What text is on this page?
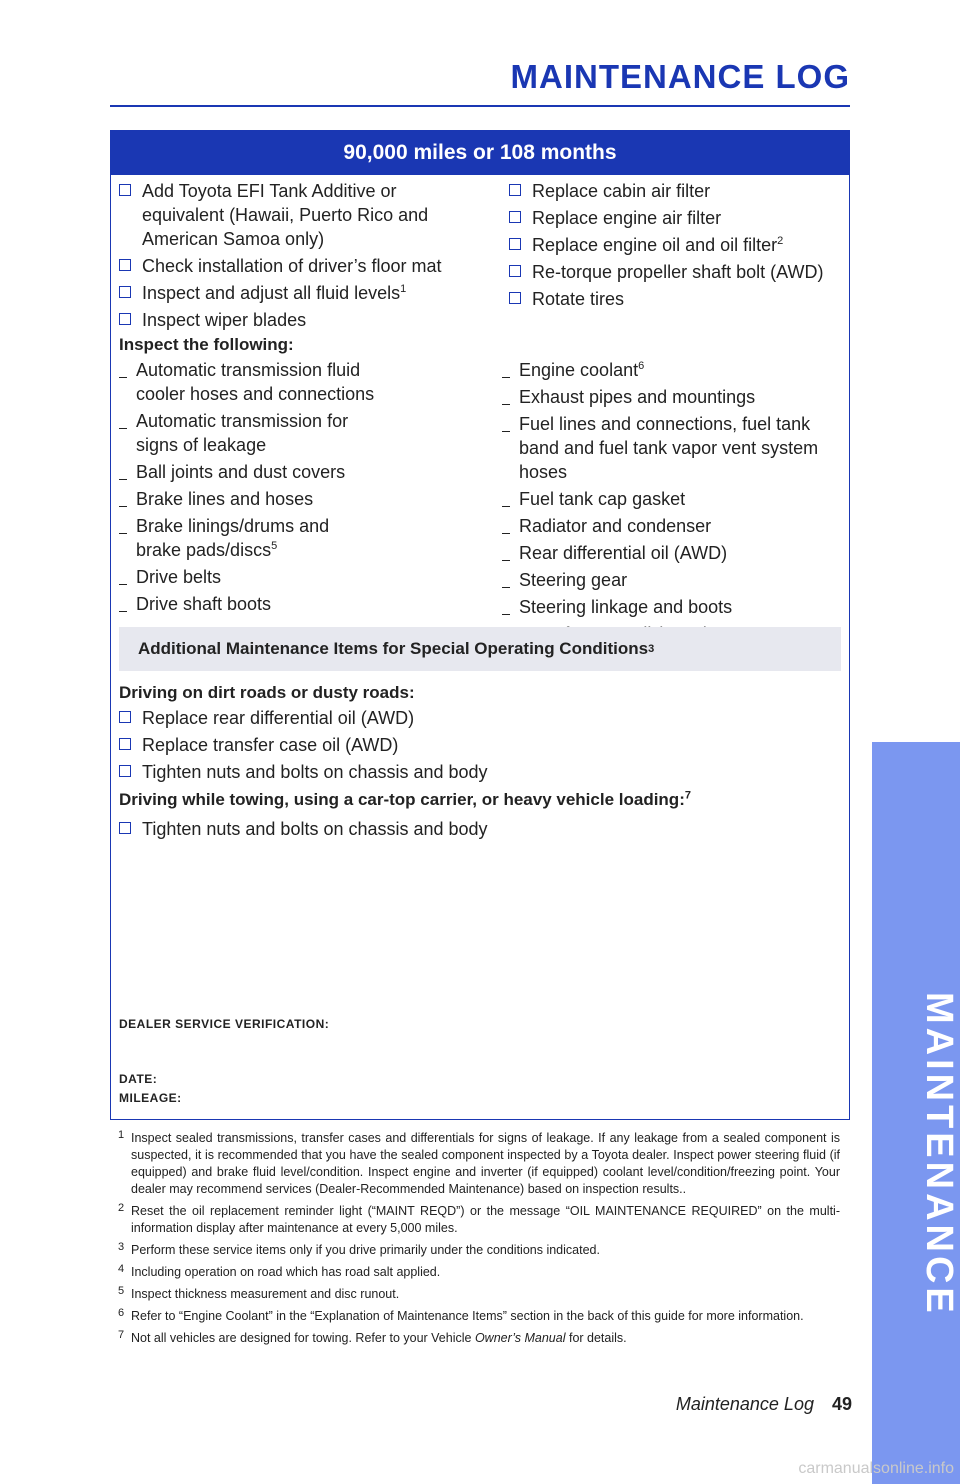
MAINTENANCE LOG
MAINTENANCE
90,000 miles or 108 months
Add Toyota EFI Tank Additive or equivalent (Hawaii, Puerto Rico and American Samoa only)
Check installation of driver’s floor mat
Inspect and adjust all fluid levels$^1$
Inspect wiper blades
Replace cabin air filter
Replace engine air filter
Replace engine oil and oil filter$^2$
Re-torque propeller shaft bolt (AWD)
Rotate tires
Inspect the following:
Automatic transmission fluid cooler hoses and connections
Automatic transmission for signs of leakage
Ball joints and dust covers
Brake lines and hoses
Brake linings/drums and brake pads/discs$^5$
Drive belts
Drive shaft boots
Engine coolant$^6$
Exhaust pipes and mountings
Fuel lines and connections, fuel tank band and fuel tank vapor vent system hoses
Fuel tank cap gasket
Radiator and condenser
Rear differential oil (AWD)
Steering gear
Steering linkage and boots
Additional Maintenance Items for Special Operating Conditions 3
Driving on dirt roads or dusty roads:
Replace rear differential oil (AWD)
Replace transfer case oil (AWD)
Tighten nuts and bolts on chassis and body
Driving while towing, using a car-top carrier, or heavy vehicle loading:$^7$
Tighten nuts and bolts on chassis and body
DEALER SERVICE VERIFICATION:
DATE:
MILEAGE:
1 Inspect sealed transmissions, transfer cases and differentials for signs of leakage. If any leakage from a sealed component is suspected, it is recommended that you have the sealed component inspected by a Toyota dealer. Inspect power steering fluid (if equipped) and brake fluid level/condition. Inspect engine and inverter (if equipped) coolant level/condition/freezing point. Your dealer may recommend services (Dealer-Recommended Maintenance) based on inspection results..
2 Reset the oil replacement reminder light (“MAINT REQD”) or the message “OIL MAINTENANCE REQUIRED” on the multi-information display after maintenance at every 5,000 miles.
3 Perform these service items only if you drive primarily under the conditions indicated.
4 Including operation on road which has road salt applied.
5 Inspect thickness measurement and disc runout.
6 Refer to “Engine Coolant” in the “Explanation of Maintenance Items” section in the back of this guide for more information.
7 Not all vehicles are designed for towing. Refer to your Vehicle Owner’s Manual for details.
Maintenance Log 49
carmanualsonline.info
